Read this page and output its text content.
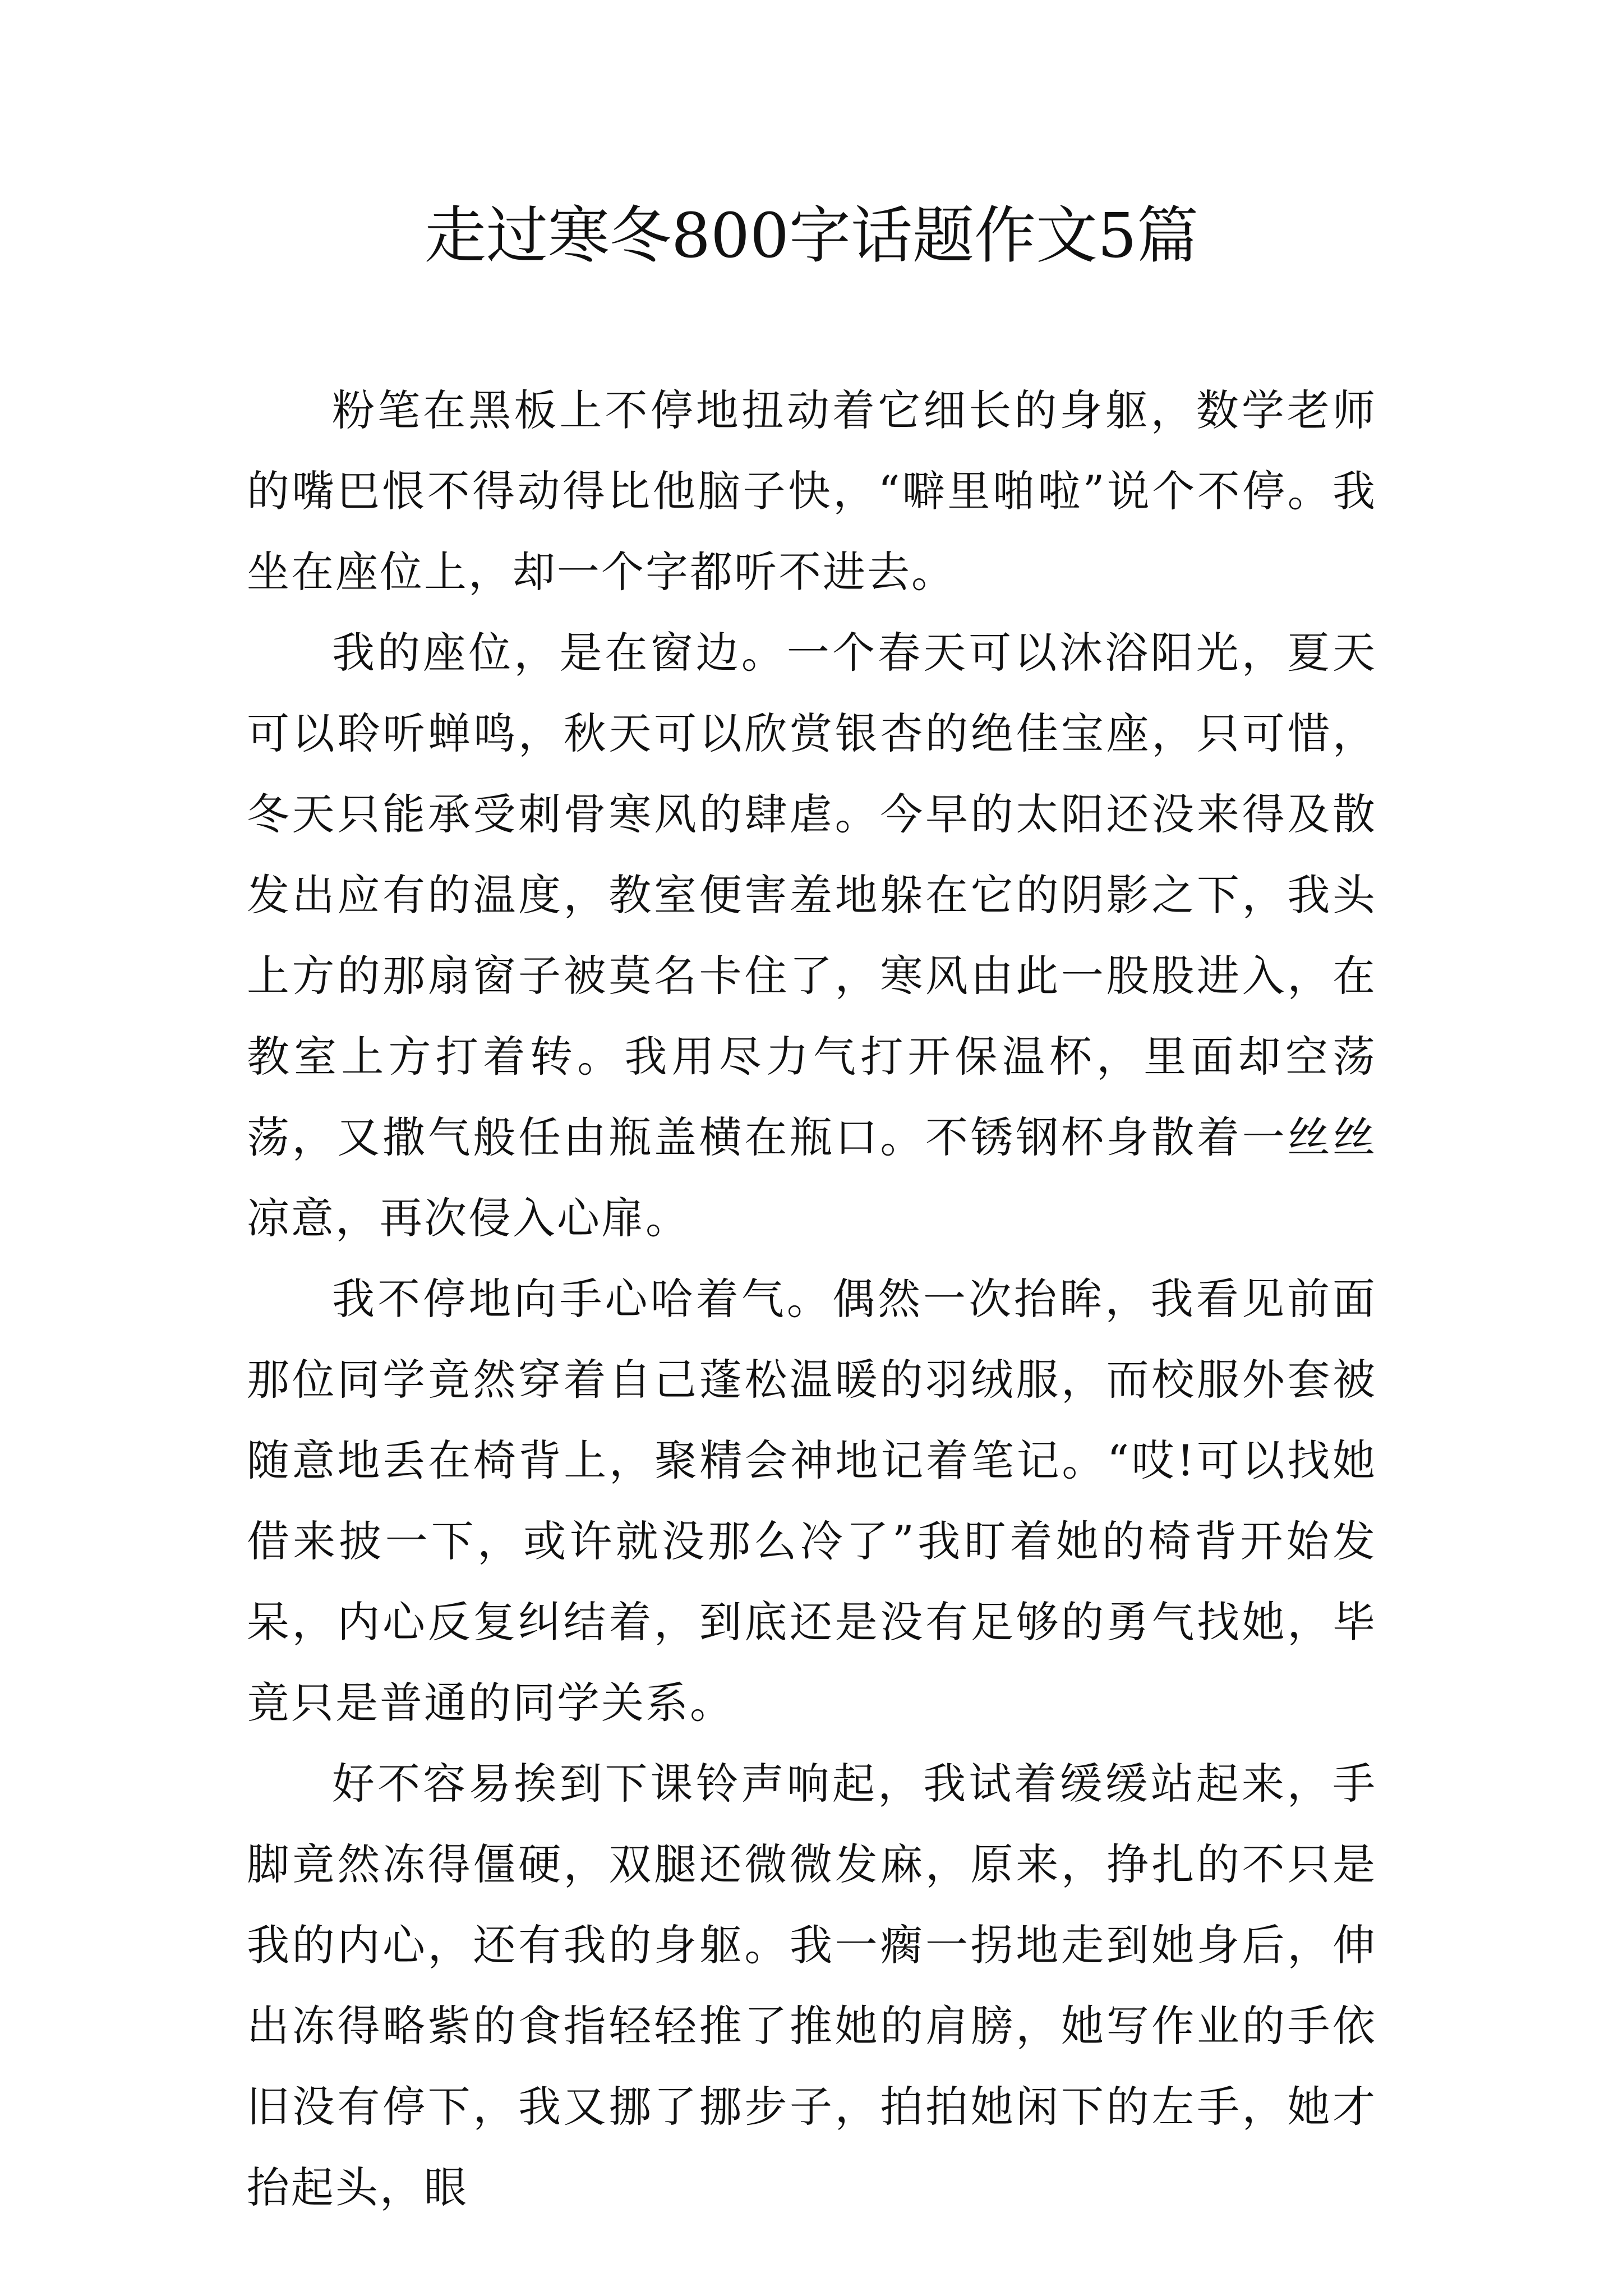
走过寒冬800字话题作文5篇

粉笔在黑板上不停地扭动着它细长的身躯，数学老师的嘴巴恨不得动得比他脑子快，“噼里啪啦”说个不停。我坐在座位上，却一个字都听不进去。

我的座位，是在窗边。一个春天可以沐浴阳光，夏天可以聆听蝉鸣，秋天可以欣赏银杏的绝佳宝座，只可惜，冬天只能承受刺骨寒风的肆虐。今早的太阳还没来得及散发出应有的温度，教室便害羞地躲在它的阴影之下，我头上方的那扇窗子被莫名卡住了，寒风由此一股股进入，在教室上方打着转。我用尽力气打开保温杯，里面却空荡荡，又撒气般任由瓶盖横在瓶口。不锈钢杯身散着一丝丝凉意，再次侵入心扉。

我不停地向手心哈着气。偶然一次抬眸，我看见前面那位同学竟然穿着自己蓬松温暖的羽绒服，而校服外套被随意地丢在椅背上，聚精会神地记着笔记。“哎!可以找她借来披一下，或许就没那么冷了”我盯着她的椅背开始发呆，内心反复纠结着，到底还是没有足够的勇气找她，毕竟只是普通的同学关系。

好不容易挨到下课铃声响起，我试着缓缓站起来，手脚竟然冻得僵硬，双腿还微微发麻，原来，挣扎的不只是我的内心，还有我的身躯。我一瘸一拐地走到她身后，伸出冻得略紫的食指轻轻推了推她的肩膀，她写作业的手依旧没有停下，我又挪了挪步子，拍拍她闲下的左手，她才抬起头，眼
